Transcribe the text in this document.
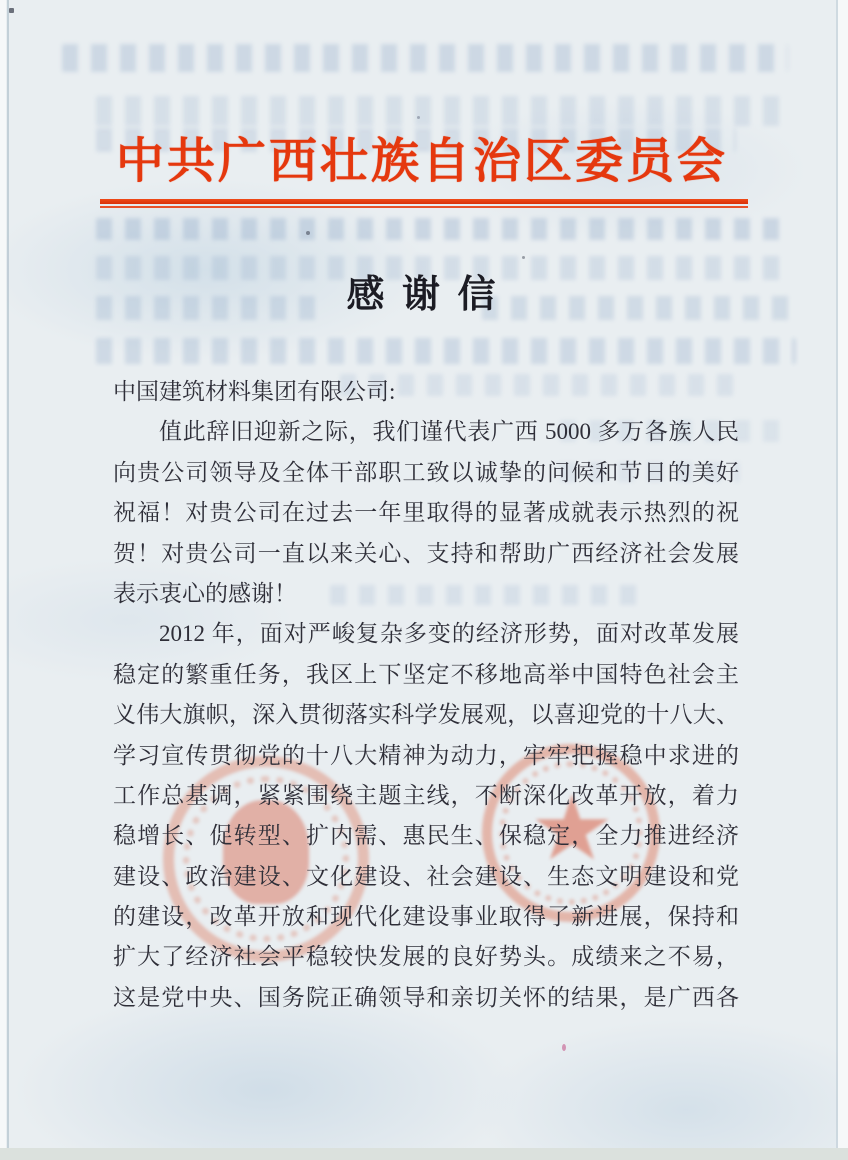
中共广西壮族自治区委员会
感 谢 信
中国建筑材料集团有限公司:
值此辞旧迎新之际，我们谨代表广西 5000 多万各族人民
向贵公司领导及全体干部职工致以诚挚的问候和节日的美好
祝福！对贵公司在过去一年里取得的显著成就表示热烈的祝
贺！对贵公司一直以来关心、支持和帮助广西经济社会发展
表示衷心的感谢！
2012 年，面对严峻复杂多变的经济形势，面对改革发展
稳定的繁重任务，我区上下坚定不移地高举中国特色社会主
义伟大旗帜，深入贯彻落实科学发展观，以喜迎党的十八大、
学习宣传贯彻党的十八大精神为动力，牢牢把握稳中求进的
工作总基调，紧紧围绕主题主线，不断深化改革开放，着力
稳增长、促转型、扩内需、惠民生、保稳定，全力推进经济
建设、政治建设、文化建设、社会建设、生态文明建设和党
的建设，改革开放和现代化建设事业取得了新进展，保持和
扩大了经济社会平稳较快发展的良好势头。成绩来之不易，
这是党中央、国务院正确领导和亲切关怀的结果，是广西各
